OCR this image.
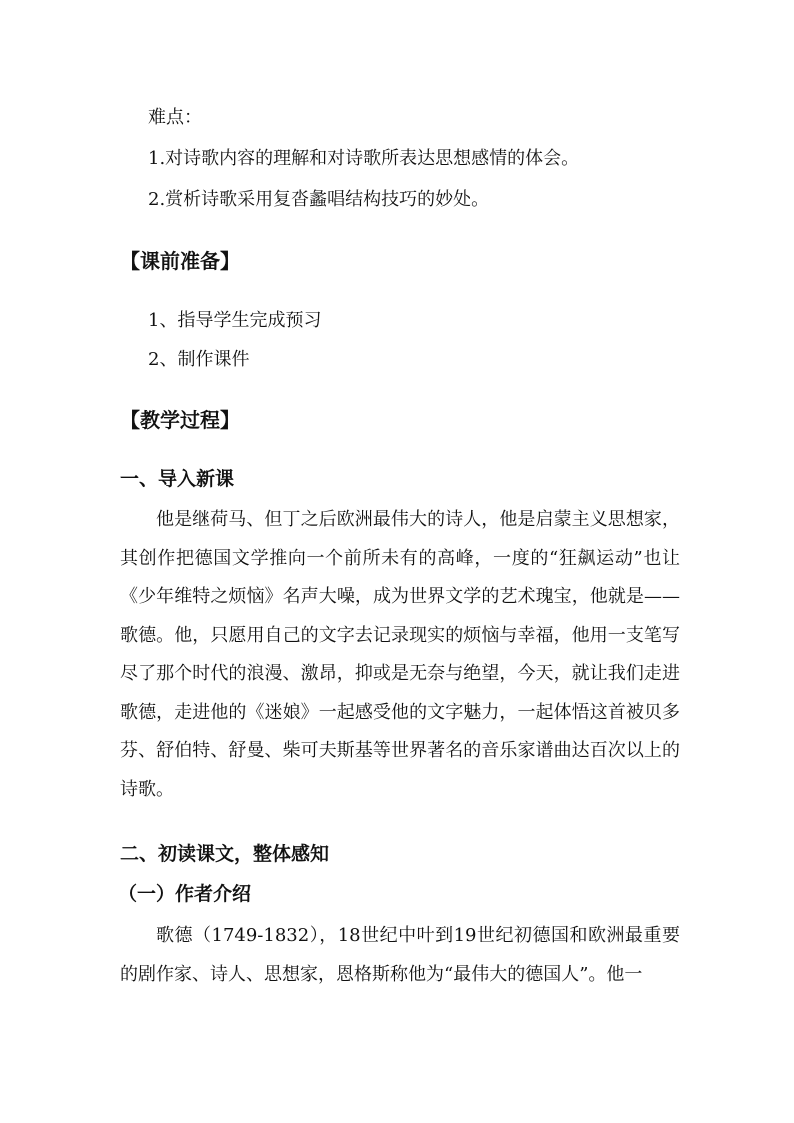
难点：
1.对诗歌内容的理解和对诗歌所表达思想感情的体会。
2.赏析诗歌采用复沓蠡唱结构技巧的妙处。
【课前准备】
1、指导学生完成预习
2、制作课件
【教学过程】
一、导入新课
他是继荷马、但丁之后欧洲最伟大的诗人，他是启蒙主义思想家，其创作把德国文学推向一个前所未有的高峰，一度的“狂飙运动”也让《少年维特之烦恼》名声大噪，成为世界文学的艺术瑰宝，他就是——歌德。他，只愿用自己的文字去记录现实的烦恼与幸福，他用一支笔写尽了那个时代的浪漫、激昂，抑或是无奈与绝望，今天，就让我们走进歌德，走进他的《迷娘》一起感受他的文字魅力，一起体悟这首被贝多芬、舒伯特、舒曼、柴可夫斯基等世界著名的音乐家谱曲达百次以上的诗歌。
二、初读课文，整体感知
（一）作者介绍
歌德（1749-1832），18世纪中叶到19世纪初德国和欧洲最重要的剧作家、诗人、思想家，恩格斯称他为“最伟大的德国人”。他一
